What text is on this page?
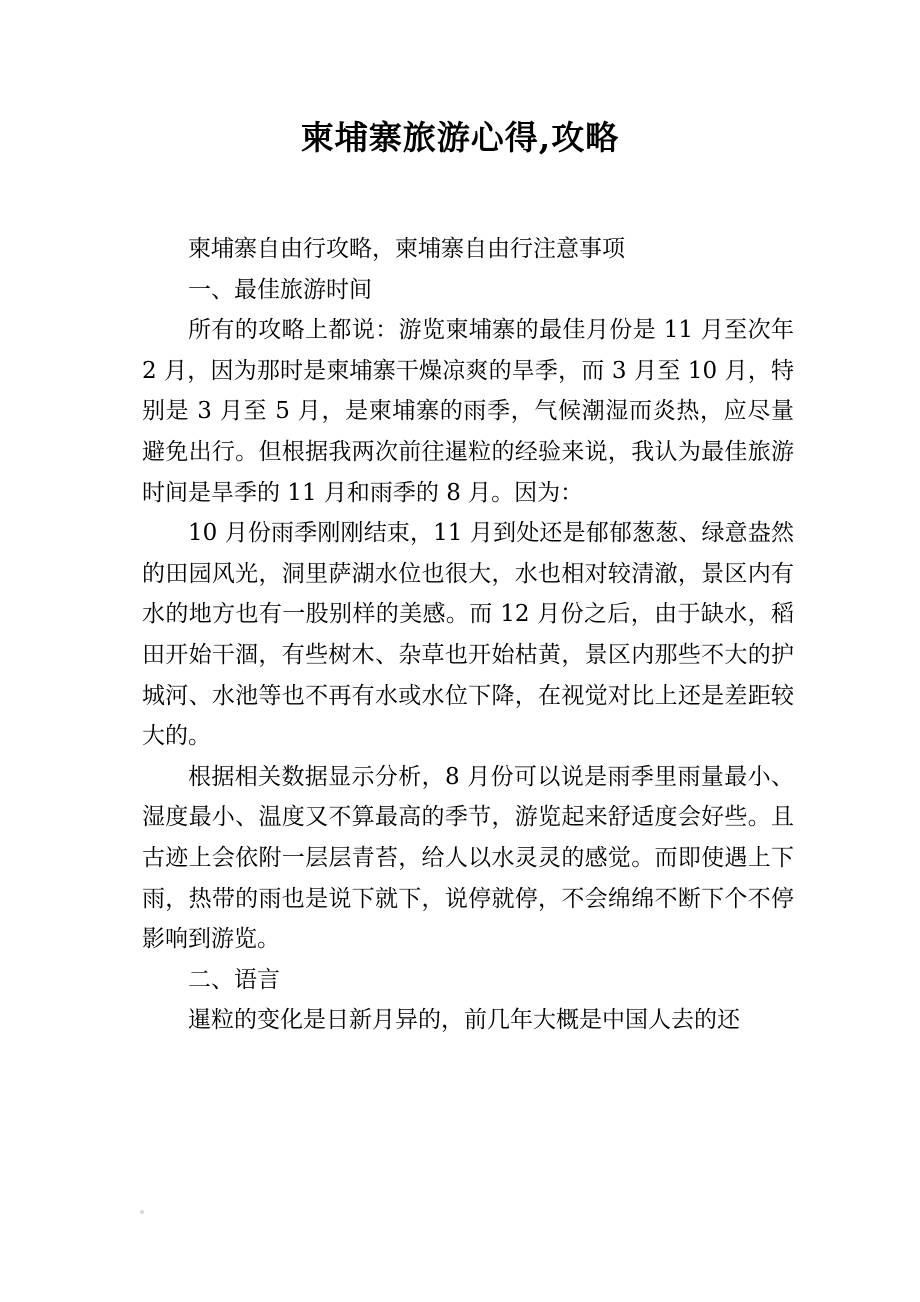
柬埔寨旅游心得,攻略

柬埔寨自由行攻略，柬埔寨自由行注意事项

一、最佳旅游时间

所有的攻略上都说：游览柬埔寨的最佳月份是 11 月至次年 2 月，因为那时是柬埔寨干燥凉爽的旱季，而 3 月至 10 月，特别是 3 月至 5 月，是柬埔寨的雨季，气候潮湿而炎热，应尽量避免出行。但根据我两次前往暹粒的经验来说，我认为最佳旅游时间是旱季的 11 月和雨季的 8 月。因为：

10 月份雨季刚刚结束，11 月到处还是郁郁葱葱、绿意盎然的田园风光，洞里萨湖水位也很大，水也相对较清澈，景区内有水的地方也有一股别样的美感。而 12 月份之后，由于缺水，稻田开始干涸，有些树木、杂草也开始枯黄，景区内那些不大的护城河、水池等也不再有水或水位下降，在视觉对比上还是差距较大的。

根据相关数据显示分析，8 月份可以说是雨季里雨量最小、湿度最小、温度又不算最高的季节，游览起来舒适度会好些。且古迹上会依附一层层青苔，给人以水灵灵的感觉。而即使遇上下雨，热带的雨也是说下就下，说停就停，不会绵绵不断下个不停影响到游览。

二、语言

暹粒的变化是日新月异的，前几年大概是中国人去的还
